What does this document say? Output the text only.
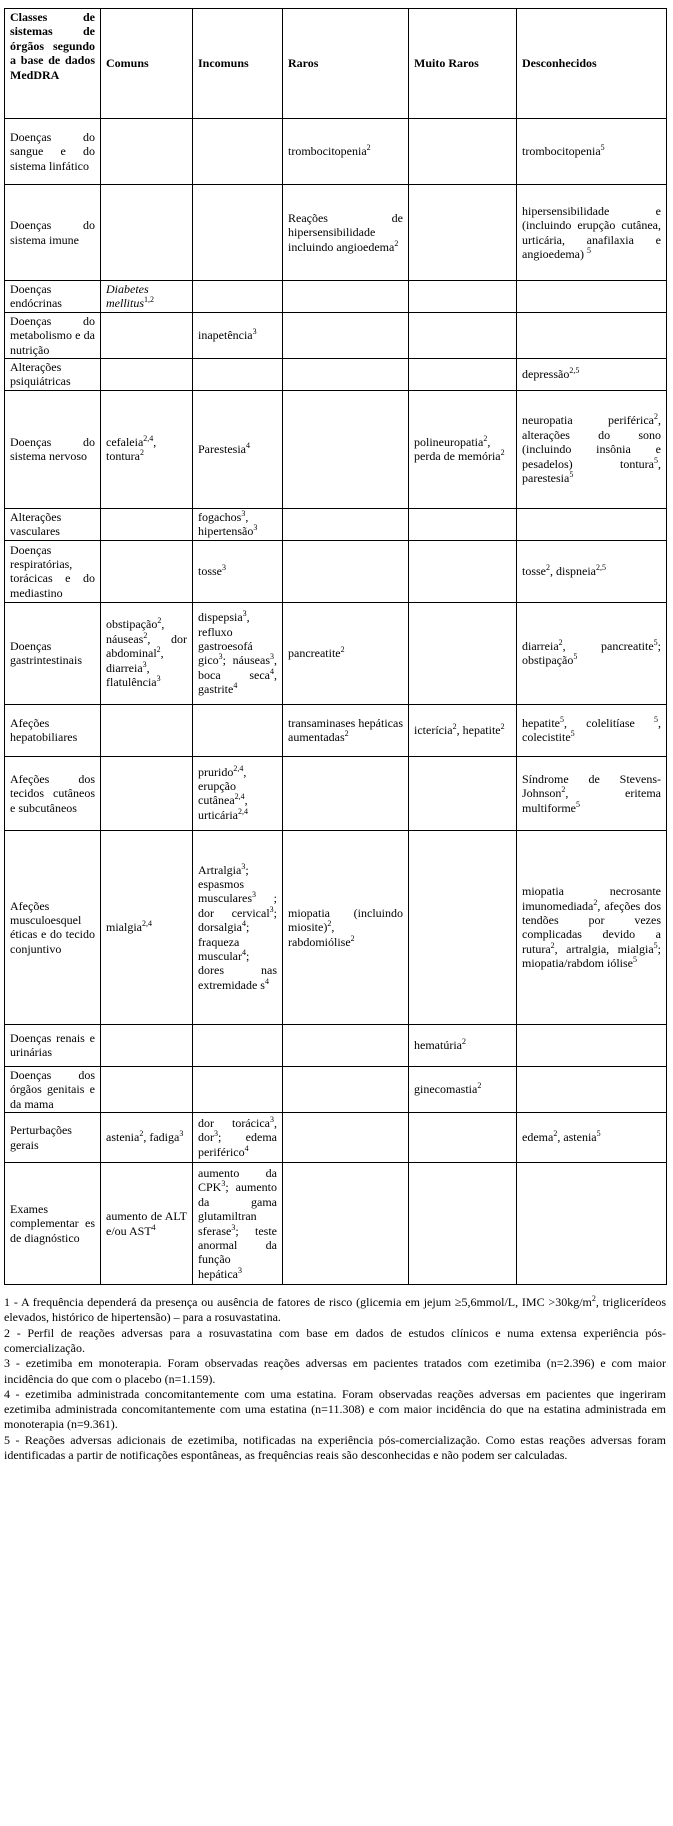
Classes de sistemas de órgãos segundo a base de dados MedDRA	Comuns	Incomuns	Raros	Muito Raros	Desconhecidos
Doenças do sangue e do sistema linfático			trombocitopenia$^2$		trombocitopenia$^5$
Doenças do sistema imune			Reações de hipersensibilidade incluindo angioedema$^2$		hipersensibilidade e (incluindo erupção cutânea, urticária, anafilaxia e angioedema) $^5$
Doenças endócrinas	Diabetes mellitus$^{1,2}$				
Doenças do metabolismo e da nutrição		inapetência$^3$			
Alterações psiquiátricas					depressão$^{2,5}$
Doenças do sistema nervoso	cefaleia$^{2,4}$, tontura$^2$	Parestesia$^4$		polineuropatia$^2$, perda de memória$^2$	neuropatia periférica$^2$, alterações do sono (incluindo insônia e pesadelos) tontura$^5$, parestesia$^5$
Alterações vasculares		fogachos$^3$, hipertensão$^3$			
Doenças respiratórias, torácicas e do mediastino		tosse$^3$			tosse$^2$, dispneia$^{2,5}$
Doenças gastrintestinais	obstipação$^2$, náuseas$^2$, dor abdominal$^2$, diarreia$^3$, flatulência$^3$	dispepsia$^3$, refluxo gastroesofá gico$^3$; náuseas$^3$, boca seca$^4$, gastrite$^4$	pancreatite$^2$		diarreia$^2$, pancreatite$^5$; obstipação$^5$
Afeções hepatobiliares			transaminases hepáticas aumentadas$^2$	icterícia$^2$, hepatite$^2$	hepatite$^5$, colelitíase $^5$, colecistite$^5$
Afeções dos tecidos cutâneos e subcutâneos		prurido$^{2,4}$, erupção cutânea$^{2,4}$, urticária$^{2,4}$			Síndrome de Stevens-Johnson$^2$, eritema multiforme$^5$
Afeções musculoesquel éticas e do tecido conjuntivo	mialgia$^{2,4}$	Artralgia$^3$; espasmos musculares$^3$ ; dor cervical$^3$; dorsalgia$^4$; fraqueza muscular$^4$; dores nas extremidade $s^4$	miopatia (incluindo miosite)$^2$, rabdomiólise$^2$		miopatia necrosante imunomediada$^2$, afeções dos tendões por vezes complicadas devido a rutura$^2$, artralgia, mialgia$^5$; miopatia/rabdom iólise$^5$
Doenças renais e urinárias				hematúria$^2$	
Doenças dos órgãos genitais e da mama				ginecomastia$^2$	
Perturbações gerais	astenia$^2$, fadiga$^3$	dor torácica$^3$, dor$^3$; edema periférico$^4$			edema$^2$, astenia$^5$
Exames complementar es de diagnóstico	aumento de ALT e/ou AST$^4$	aumento da CPK$^3$; aumento da gama glutamiltran sferase$^3$; teste anormal da função hepática$^3$			

1 - A frequência dependerá da presença ou ausência de fatores de risco (glicemia em jejum ≥5,6mmol/L, IMC $>30kg/m^2$, triglicerídeos elevados, histórico de hipertensão) – para a rosuvastatina.

2 - Perfil de reações adversas para a rosuvastatina com base em dados de estudos clínicos e numa extensa experiência pós-comercialização.

3 - ezetimiba em monoterapia. Foram observadas reações adversas em pacientes tratados com ezetimiba (n=2.396) e com maior incidência do que com o placebo (n=1.159).

4 - ezetimiba administrada concomitantemente com uma estatina. Foram observadas reações adversas em pacientes que ingeriram ezetimiba administrada concomitantemente com uma estatina (n=11.308) e com maior incidência do que na estatina administrada em monoterapia (n=9.361).

5 - Reações adversas adicionais de ezetimiba, notificadas na experiência pós-comercialização. Como estas reações adversas foram identificadas a partir de notificações espontâneas, as frequências reais são desconhecidas e não podem ser calculadas.
